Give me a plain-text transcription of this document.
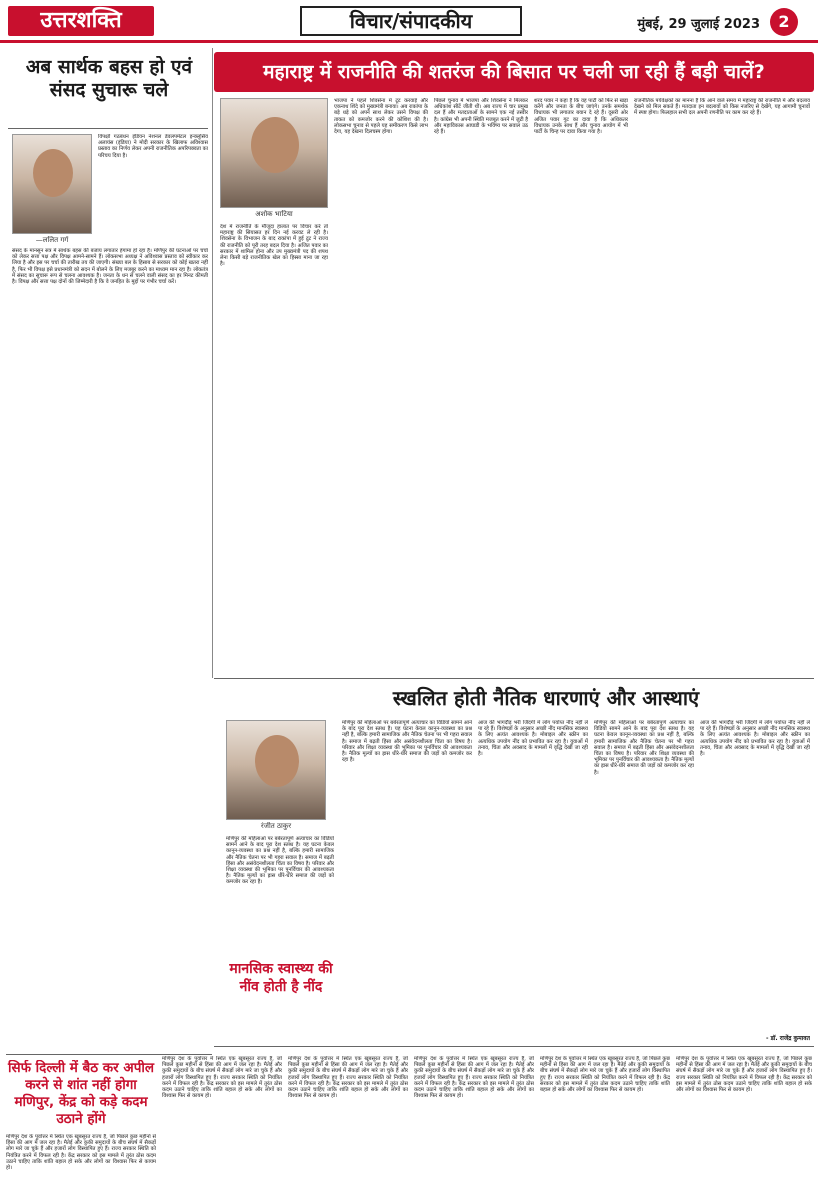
उत्तरशक्ति	विचार/संपादकीय	मुंबई, 29 जुलाई 2023	2
अब सार्थक बहस हो एवं संसद सुचारू चले
—ललित गर्ग
विपक्षी गठबंधन इंडियन नेशनल डेवलपमेंटल इन्क्लूसिव अलायंस (इंडिया) ने मोदी सरकार के खिलाफ अविश्वास प्रस्ताव का निर्णय लेकर अपनी राजनीतिक अपरिपक्वता का परिचय दिया है।
संसद के मानसून सत्र में सार्थक बहस की बजाय लगातार हंगामा हो रहा है। मणिपुर की घटनाओं पर चर्चा को लेकर सत्ता पक्ष और विपक्ष आमने-सामने हैं। लोकसभा अध्यक्ष ने अविश्वास प्रस्ताव को स्वीकार कर लिया है और इस पर चर्चा की तारीख तय की जाएगी। संख्या बल के हिसाब से सरकार को कोई खतरा नहीं है, फिर भी विपक्ष इसे प्रधानमंत्री को सदन में बोलने के लिए मजबूर करने का माध्यम मान रहा है। लोकतंत्र में संसद का सुचारू रूप से चलना आवश्यक है। जनता के धन से चलने वाली संसद का हर मिनट कीमती है। विपक्ष और सत्ता पक्ष दोनों की जिम्मेदारी है कि वे जनहित के मुद्दों पर गंभीर चर्चा करें।
महाराष्ट्र में राजनीति की शतरंज की बिसात पर चली जा रही हैं बड़ी चालें?
अशोक भाटिया
देश में राजनीति के मौजूदा हालात पर विचार करें तो महाराष्ट्र की सियासत हर दिन नई करवट ले रही है। शिवसेना के विभाजन के बाद राकांपा में हुई टूट ने राज्य की राजनीति को पूरी तरह बदल दिया है। अजित पवार का सरकार में शामिल होना और उप मुख्यमंत्री पद की शपथ लेना किसी बड़े राजनीतिक खेल का हिस्सा माना जा रहा है।
भाजपा ने पहले शिवसेना में टूट करवाई और एकनाथ शिंदे को मुख्यमंत्री बनाया। अब राकांपा के बड़े धड़े को अपने साथ लेकर उसने विपक्ष की ताकत को कमजोर करने की कोशिश की है। लोकसभा चुनाव से पहले यह समीकरण किसे लाभ देगा, यह देखना दिलचस्प होगा।
पिछले चुनाव में भाजपा और शिवसेना ने मिलकर अधिकांश सीटें जीती थीं। अब राज्य में चार प्रमुख दल हैं और मतदाताओं के सामने एक नई तस्वीर है। कांग्रेस भी अपनी स्थिति मजबूत करने में जुटी है और महाविकास आघाडी के भविष्य पर सवाल उठ रहे हैं।
शरद पवार ने कहा है कि वह पार्टी को फिर से खड़ा करेंगे और जनता के बीच जाएंगे। उनके समर्थक विधायक भी लगातार बयान दे रहे हैं। दूसरी ओर अजित पवार गुट का दावा है कि अधिकतर विधायक उनके साथ हैं और चुनाव आयोग में भी पार्टी के चिन्ह पर दावा किया गया है।
राजनीतिक पर्यवेक्षकों का मानना है कि आने वाले समय में महाराष्ट्र की राजनीति में और बदलाव देखने को मिल सकते हैं। मतदाता इन बदलावों को किस नजरिए से देखेंगे, यह आगामी चुनावों में स्पष्ट होगा। फिलहाल सभी दल अपनी रणनीति पर काम कर रहे हैं।
स्खलित होती नैतिक धारणाएं और आस्थाएं
रंजीत ठाकुर
मणिपुर की महिलाओं पर बर्बरतापूर्ण अत्याचार का विडियो सामने आने के बाद पूरा देश स्तब्ध है। यह घटना केवल कानून-व्यवस्था का प्रश्न नहीं है, बल्कि हमारी सामाजिक और नैतिक चेतना पर भी गहरा सवाल है। समाज में बढ़ती हिंसा और असंवेदनशीलता चिंता का विषय है। परिवार और शिक्षा व्यवस्था की भूमिका पर पुनर्विचार की आवश्यकता है। नैतिक मूल्यों का ह्रास धीरे-धीरे समाज की जड़ों को कमजोर कर रहा है।
मानसिक स्वास्थ्य की नींव होती है नींद
मणिपुर की महिलाओं पर बर्बरतापूर्ण अत्याचार का विडियो सामने आने के बाद पूरा देश स्तब्ध है। यह घटना केवल कानून-व्यवस्था का प्रश्न नहीं है, बल्कि हमारी सामाजिक और नैतिक चेतना पर भी गहरा सवाल है। समाज में बढ़ती हिंसा और असंवेदनशीलता चिंता का विषय है। परिवार और शिक्षा व्यवस्था की भूमिका पर पुनर्विचार की आवश्यकता है। नैतिक मूल्यों का ह्रास धीरे-धीरे समाज की जड़ों को कमजोर कर रहा है।
आज की भागदौड़ भरी जिंदगी में लोग पर्याप्त नींद नहीं ले पा रहे हैं। विशेषज्ञों के अनुसार अच्छी नींद मानसिक स्वास्थ्य के लिए अत्यंत आवश्यक है। मोबाइल और स्क्रीन का अत्यधिक उपयोग नींद को प्रभावित कर रहा है। युवाओं में तनाव, चिंता और अवसाद के मामलों में वृद्धि देखी जा रही है।
मणिपुर की महिलाओं पर बर्बरतापूर्ण अत्याचार का विडियो सामने आने के बाद पूरा देश स्तब्ध है। यह घटना केवल कानून-व्यवस्था का प्रश्न नहीं है, बल्कि हमारी सामाजिक और नैतिक चेतना पर भी गहरा सवाल है। समाज में बढ़ती हिंसा और असंवेदनशीलता चिंता का विषय है। परिवार और शिक्षा व्यवस्था की भूमिका पर पुनर्विचार की आवश्यकता है। नैतिक मूल्यों का ह्रास धीरे-धीरे समाज की जड़ों को कमजोर कर रहा है।
आज की भागदौड़ भरी जिंदगी में लोग पर्याप्त नींद नहीं ले पा रहे हैं। विशेषज्ञों के अनुसार अच्छी नींद मानसिक स्वास्थ्य के लिए अत्यंत आवश्यक है। मोबाइल और स्क्रीन का अत्यधिक उपयोग नींद को प्रभावित कर रहा है। युवाओं में तनाव, चिंता और अवसाद के मामलों में वृद्धि देखी जा रही है।
- डॉ. राजेंद्र कुमावत
सिर्फ दिल्ली में बैठ कर अपील करने से शांत नहीं होगा मणिपुर, केंद्र को कड़े कदम उठाने होंगे
मणिपुर देश के पूर्वोत्तर में स्थित एक खूबसूरत राज्य है, जो पिछले कुछ महीनों से हिंसा की आग में जल रहा है। मैतेई और कुकी समुदायों के बीच संघर्ष में सैकड़ों लोग मारे जा चुके हैं और हजारों लोग विस्थापित हुए हैं। राज्य सरकार स्थिति को नियंत्रित करने में विफल रही है। केंद्र सरकार को इस मामले में तुरंत ठोस कदम उठाने चाहिए ताकि शांति बहाल हो सके और लोगों का विश्वास फिर से कायम हो।
मणिपुर देश के पूर्वोत्तर में स्थित एक खूबसूरत राज्य है, जो पिछले कुछ महीनों से हिंसा की आग में जल रहा है। मैतेई और कुकी समुदायों के बीच संघर्ष में सैकड़ों लोग मारे जा चुके हैं और हजारों लोग विस्थापित हुए हैं। राज्य सरकार स्थिति को नियंत्रित करने में विफल रही है। केंद्र सरकार को इस मामले में तुरंत ठोस कदम उठाने चाहिए ताकि शांति बहाल हो सके और लोगों का विश्वास फिर से कायम हो।
मणिपुर देश के पूर्वोत्तर में स्थित एक खूबसूरत राज्य है, जो पिछले कुछ महीनों से हिंसा की आग में जल रहा है। मैतेई और कुकी समुदायों के बीच संघर्ष में सैकड़ों लोग मारे जा चुके हैं और हजारों लोग विस्थापित हुए हैं। राज्य सरकार स्थिति को नियंत्रित करने में विफल रही है। केंद्र सरकार को इस मामले में तुरंत ठोस कदम उठाने चाहिए ताकि शांति बहाल हो सके और लोगों का विश्वास फिर से कायम हो।
मणिपुर देश के पूर्वोत्तर में स्थित एक खूबसूरत राज्य है, जो पिछले कुछ महीनों से हिंसा की आग में जल रहा है। मैतेई और कुकी समुदायों के बीच संघर्ष में सैकड़ों लोग मारे जा चुके हैं और हजारों लोग विस्थापित हुए हैं। राज्य सरकार स्थिति को नियंत्रित करने में विफल रही है। केंद्र सरकार को इस मामले में तुरंत ठोस कदम उठाने चाहिए ताकि शांति बहाल हो सके और लोगों का विश्वास फिर से कायम हो।
मणिपुर देश के पूर्वोत्तर में स्थित एक खूबसूरत राज्य है, जो पिछले कुछ महीनों से हिंसा की आग में जल रहा है। मैतेई और कुकी समुदायों के बीच संघर्ष में सैकड़ों लोग मारे जा चुके हैं और हजारों लोग विस्थापित हुए हैं। राज्य सरकार स्थिति को नियंत्रित करने में विफल रही है। केंद्र सरकार को इस मामले में तुरंत ठोस कदम उठाने चाहिए ताकि शांति बहाल हो सके और लोगों का विश्वास फिर से कायम हो।
मणिपुर देश के पूर्वोत्तर में स्थित एक खूबसूरत राज्य है, जो पिछले कुछ महीनों से हिंसा की आग में जल रहा है। मैतेई और कुकी समुदायों के बीच संघर्ष में सैकड़ों लोग मारे जा चुके हैं और हजारों लोग विस्थापित हुए हैं। राज्य सरकार स्थिति को नियंत्रित करने में विफल रही है। केंद्र सरकार को इस मामले में तुरंत ठोस कदम उठाने चाहिए ताकि शांति बहाल हो सके और लोगों का विश्वास फिर से कायम हो।
